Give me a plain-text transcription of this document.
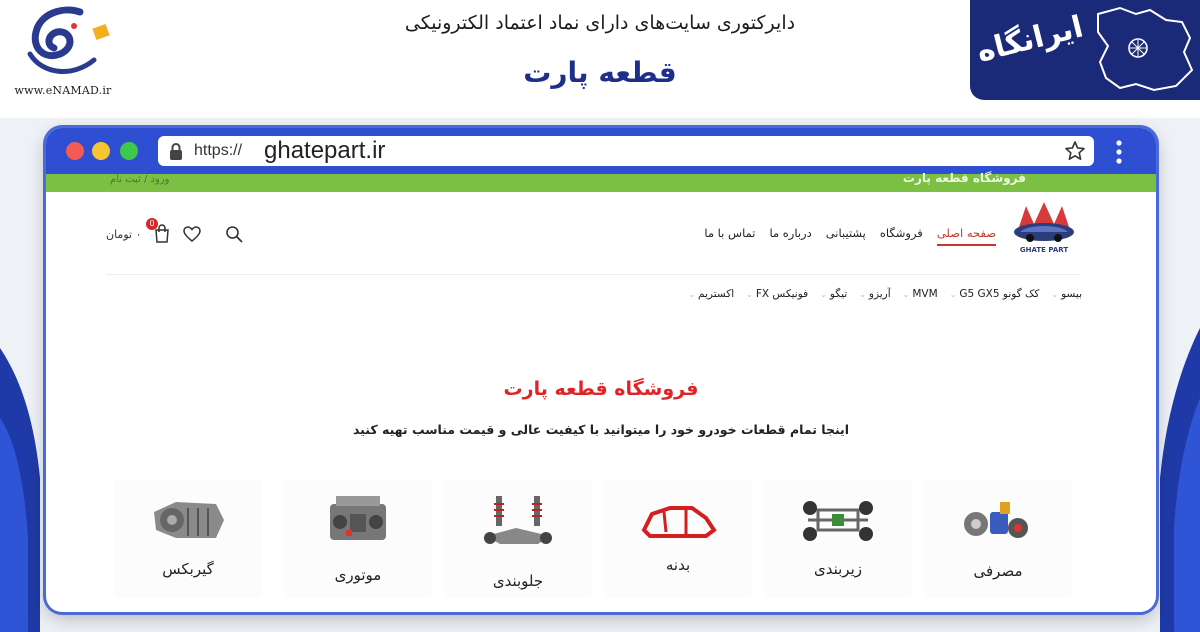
www.eNAMAD.ir
دایرکتوری سایت‌های دارای نماد اعتماد الکترونیکی
قطعه پارت
ایرانگاه
https:// ghatepart.ir
فروشگاه قطعه پارت
ورود / ثبت نام
GHATE PART
صفحه اصلی
فروشگاه
پشتیبانی
درباره ما
تماس با ما
۰ تومان
0
بیسو⌄
کک گونو G5 GX5⌄
MVM⌄
آریزو⌄
تیگو⌄
فونیکس FX⌄
اکستریم⌄
فروشگاه قطعه پارت
اینجا تمام قطعات خودرو خود را میتوانید با کیفیت عالی و قیمت مناسب تهیه کنید
مصرفی
زیربندی
بدنه
جلوبندی
موتوری
گیربکس
